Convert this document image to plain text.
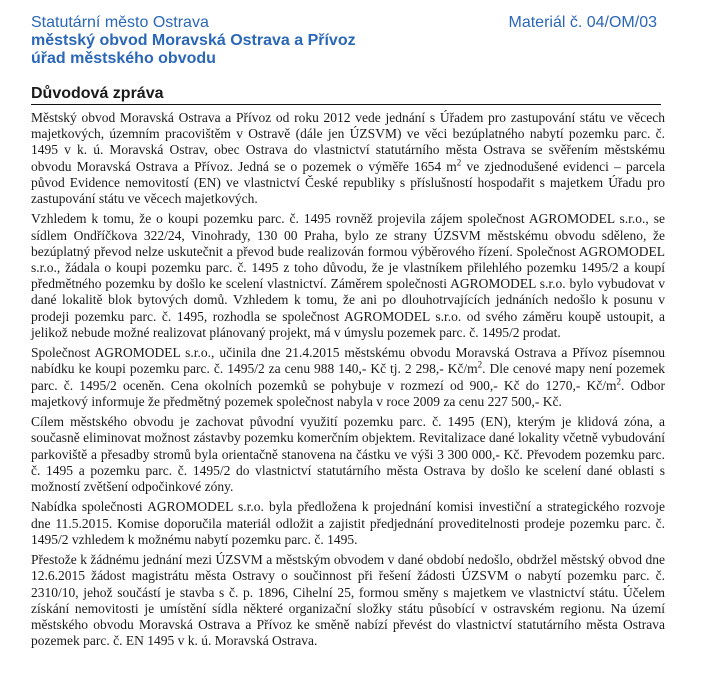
Statutární město Ostrava	Materiál č. 04/OM/03
městský obvod Moravská Ostrava a Přívoz
úřad městského obvodu
Důvodová zpráva

Městský obvod Moravská Ostrava a Přívoz od roku 2012 vede jednání s Úřadem pro zastupování státu ve věcech majetkových, územním pracovištěm v Ostravě (dále jen ÚZSVM) ve věci bezúplatného nabytí pozemku parc. č. 1495 v k. ú. Moravská Ostrav, obec Ostrava do vlastnictví statutárního města Ostrava se svěřením městskému obvodu Moravská Ostrava a Přívoz. Jedná se o pozemek o výměře 1654 $m^2$ ve zjednodušené evidenci – parcela původ Evidence nemovitostí (EN) ve vlastnictví České republiky s příslušností hospodařit s majetkem Úřadu pro zastupování státu ve věcech majetkových.

Vzhledem k tomu, že o koupi pozemku parc. č. 1495 rovněž projevila zájem společnost AGROMODEL s.r.o., se sídlem Ondříčkova 322/24, Vinohrady, 130 00 Praha, bylo ze strany ÚZSVM městskému obvodu sděleno, že bezúplatný převod nelze uskutečnit a převod bude realizován formou výběrového řízení. Společnost AGROMODEL s.r.o., žádala o koupi pozemku parc. č. 1495 z toho důvodu, že je vlastníkem přilehlého pozemku 1495/2 a koupí předmětného pozemku by došlo ke scelení vlastnictví. Záměrem společnosti AGROMODEL s.r.o. bylo vybudovat v dané lokalitě blok bytových domů. Vzhledem k tomu, že ani po dlouhotrvajících jednáních nedošlo k posunu v prodeji pozemku parc. č. 1495, rozhodla se společnost AGROMODEL s.r.o. od svého záměru koupě ustoupit, a jelikož nebude možné realizovat plánovaný projekt, má v úmyslu pozemek parc. č. 1495/2 prodat.

Společnost AGROMODEL s.r.o., učinila dne 21.4.2015 městskému obvodu Moravská Ostrava a Přívoz písemnou nabídku ke koupi pozemku parc. č. 1495/2 za cenu 988 140,- Kč tj. 2 298,- $Kč/m^2$. Dle cenové mapy není pozemek parc. č. 1495/2 oceněn. Cena okolních pozemků se pohybuje v rozmezí od 900,- Kč do 1270,- $Kč/m^2$. Odbor majetkový informuje že předmětný pozemek společnost nabyla v roce 2009 za cenu 227 500,- Kč.

Cílem městského obvodu je zachovat původní využití pozemku parc. č. 1495 (EN), kterým je klidová zóna, a současně eliminovat možnost zástavby pozemku komerčním objektem. Revitalizace dané lokality včetně vybudování parkoviště a přesadby stromů byla orientačně stanovena na částku ve výši 3 300 000,- Kč. Převodem pozemku parc. č. 1495 a pozemku parc. č. 1495/2 do vlastnictví statutárního města Ostrava by došlo ke scelení dané oblasti s možností zvětšení odpočinkové zóny.

Nabídka společnosti AGROMODEL s.r.o. byla předložena k projednání komisi investiční a strategického rozvoje dne 11.5.2015. Komise doporučila materiál odložit a zajistit předjednání proveditelnosti prodeje pozemku parc. č. 1495/2 vzhledem k možnému nabytí pozemku parc. č. 1495.

Přestože k žádnému jednání mezi ÚZSVM a městským obvodem v dané období nedošlo, obdržel městský obvod dne 12.6.2015 žádost magistrátu města Ostravy o součinnost při řešení žádosti ÚZSVM o nabytí pozemku parc. č. 2310/10, jehož součástí je stavba s č. p. 1896, Cihelní 25, formou směny s majetkem ve vlastnictví státu. Účelem získání nemovitosti je umístění sídla některé organizační složky státu působící v ostravském regionu. Na území městského obvodu Moravská Ostrava a Přívoz ke směně nabízí převést do vlastnictví statutárního města Ostrava pozemek parc. č. EN 1495 v k. ú. Moravská Ostrava.
